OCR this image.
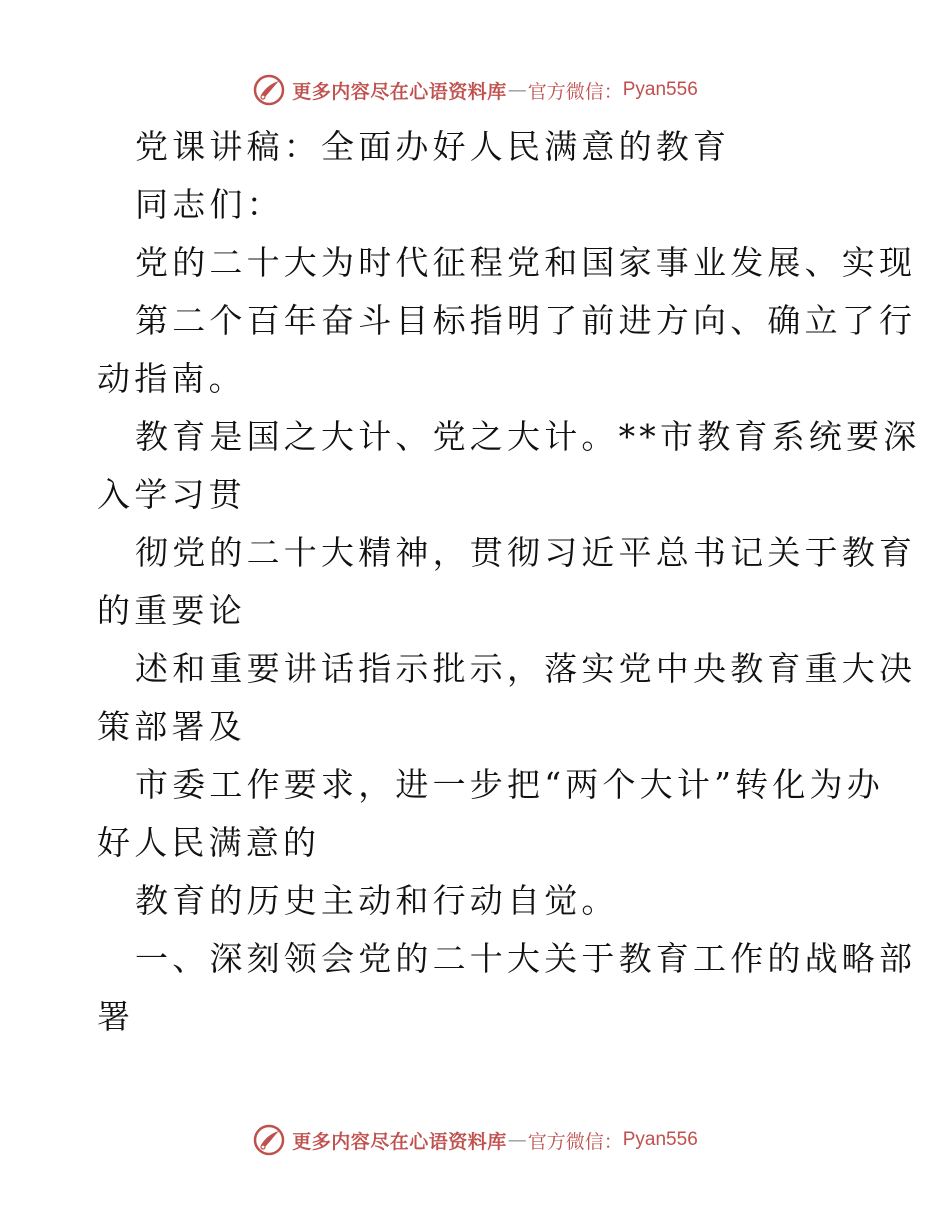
更多内容尽在心语资料库 — 官方微信： Pyan556
党课讲稿：全面办好人民满意的教育
同志们：
党的二十大为时代征程党和国家事业发展、实现
第二个百年奋斗目标指明了前进方向、确立了行
动指南。
教育是国之大计、党之大计。**市教育系统要深
入学习贯
彻党的二十大精神，贯彻习近平总书记关于教育
的重要论
述和重要讲话指示批示，落实党中央教育重大决
策部署及
市委工作要求，进一步把“两个大计”转化为办
好人民满意的
教育的历史主动和行动自觉。
一、深刻领会党的二十大关于教育工作的战略部
署
更多内容尽在心语资料库 — 官方微信： Pyan556
